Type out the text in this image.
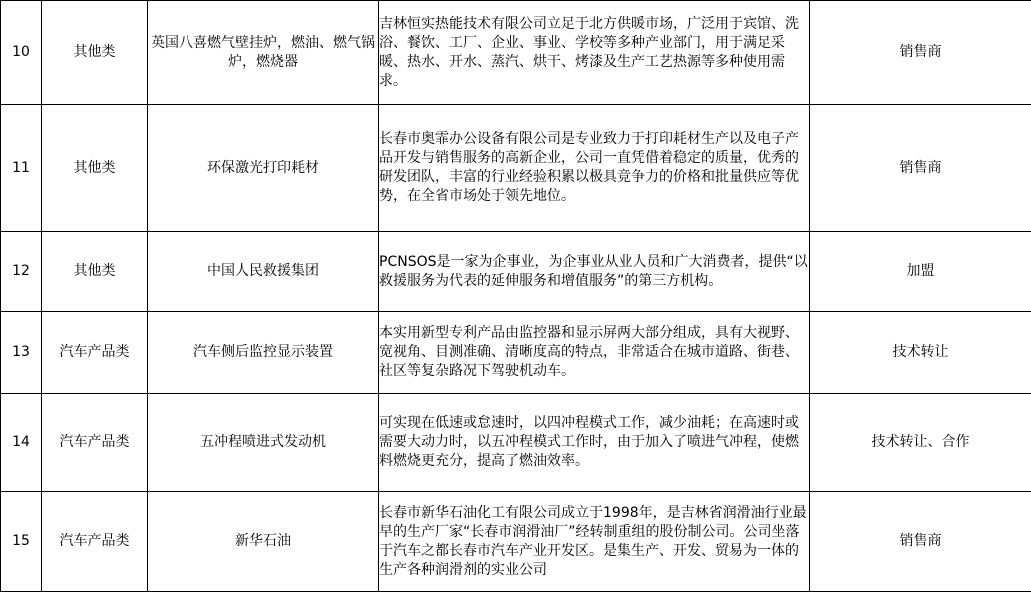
10	其他类	英国八喜燃气壁挂炉，燃油、燃气锅炉，燃烧器	吉林恒实热能技术有限公司立足于北方供暖市场，广泛用于宾馆、洗浴、餐饮、工厂、企业、事业、学校等多种产业部门，用于满足采暖、热水、开水、蒸汽、烘干、烤漆及生产工艺热源等多种使用需求。	销售商
11	其他类	环保激光打印耗材	长春市奥霏办公设备有限公司是专业致力于打印耗材生产以及电子产品开发与销售服务的高新企业，公司一直凭借着稳定的质量，优秀的研发团队，丰富的行业经验积累以极具竞争力的价格和批量供应等优势，在全省市场处于领先地位。	销售商
12	其他类	中国人民救援集团	PCNSOS是一家为企事业，为企事业从业人员和广大消费者，提供“以救援服务为代表的延伸服务和增值服务”的第三方机构。	加盟
13	汽车产品类	汽车侧后监控显示装置	本实用新型专利产品由监控器和显示屏两大部分组成，具有大视野、宽视角、目测准确、清晰度高的特点，非常适合在城市道路、街巷、社区等复杂路况下驾驶机动车。	技术转让
14	汽车产品类	五冲程喷进式发动机	可实现在低速或怠速时，以四冲程模式工作，减少油耗；在高速时或需要大动力时，以五冲程模式工作时，由于加入了喷进气冲程，使燃料燃烧更充分，提高了燃油效率。	技术转让、合作
15	汽车产品类	新华石油	长春市新华石油化工有限公司成立于1998年，是吉林省润滑油行业最早的生产厂家“长春市润滑油厂”经转制重组的股份制公司。公司坐落于汽车之都长春市汽车产业开发区。是集生产、开发、贸易为一体的生产各种润滑剂的实业公司	销售商
